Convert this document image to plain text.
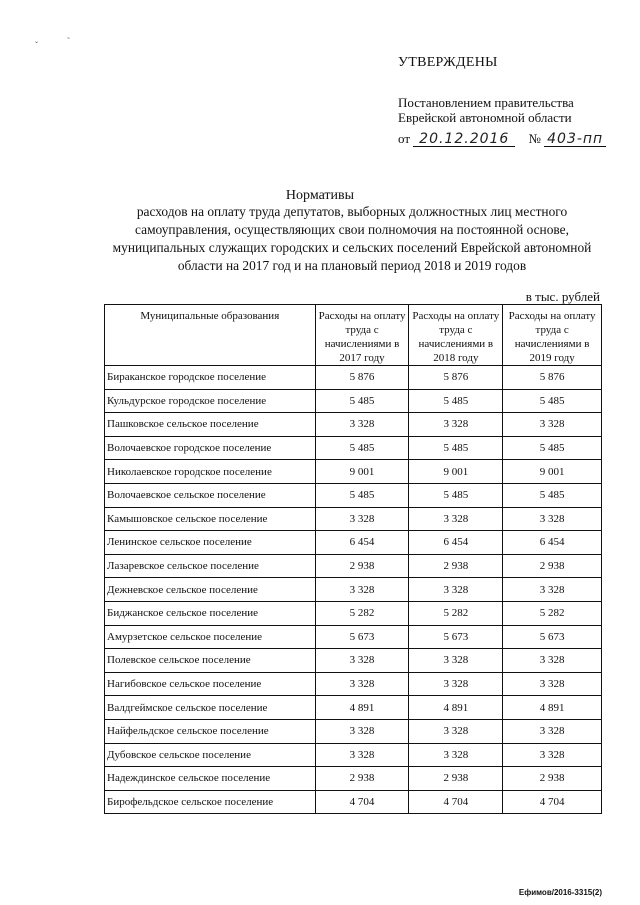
ˇ	˜
УТВЕРЖДЕНЫ
Постановлением правительства
Еврейской автономной области
от 20.12.2016 № 403-пп
Нормативы
расходов на оплату труда депутатов, выборных должностных лиц местного самоуправления, осуществляющих свои полномочия на постоянной основе, муниципальных служащих городских и сельских поселений Еврейской автономной области на 2017 год и на плановый период 2018 и 2019 годов
в тыс. рублей
Муниципальные образования	Расходы на оплату труда с начислениями в 2017 году	Расходы на оплату труда с начислениями в 2018 году	Расходы на оплату труда с начислениями в 2019 году
Бираканское городское поселение	5 876	5 876	5 876
Кульдурское городское поселение	5 485	5 485	5 485
Пашковское сельское поселение	3 328	3 328	3 328
Волочаевское городское поселение	5 485	5 485	5 485
Николаевское городское поселение	9 001	9 001	9 001
Волочаевское сельское поселение	5 485	5 485	5 485
Камышовское сельское поселение	3 328	3 328	3 328
Ленинское сельское поселение	6 454	6 454	6 454
Лазаревское сельское поселение	2 938	2 938	2 938
Дежневское сельское поселение	3 328	3 328	3 328
Биджанское сельское поселение	5 282	5 282	5 282
Амурзетское сельское поселение	5 673	5 673	5 673
Полевское сельское поселение	3 328	3 328	3 328
Нагибовское сельское поселение	3 328	3 328	3 328
Валдгеймское сельское поселение	4 891	4 891	4 891
Найфельдское сельское поселение	3 328	3 328	3 328
Дубовское сельское поселение	3 328	3 328	3 328
Надеждинское сельское поселение	2 938	2 938	2 938
Бирофельдское сельское поселение	4 704	4 704	4 704
Ефимов/2016-3315(2)
